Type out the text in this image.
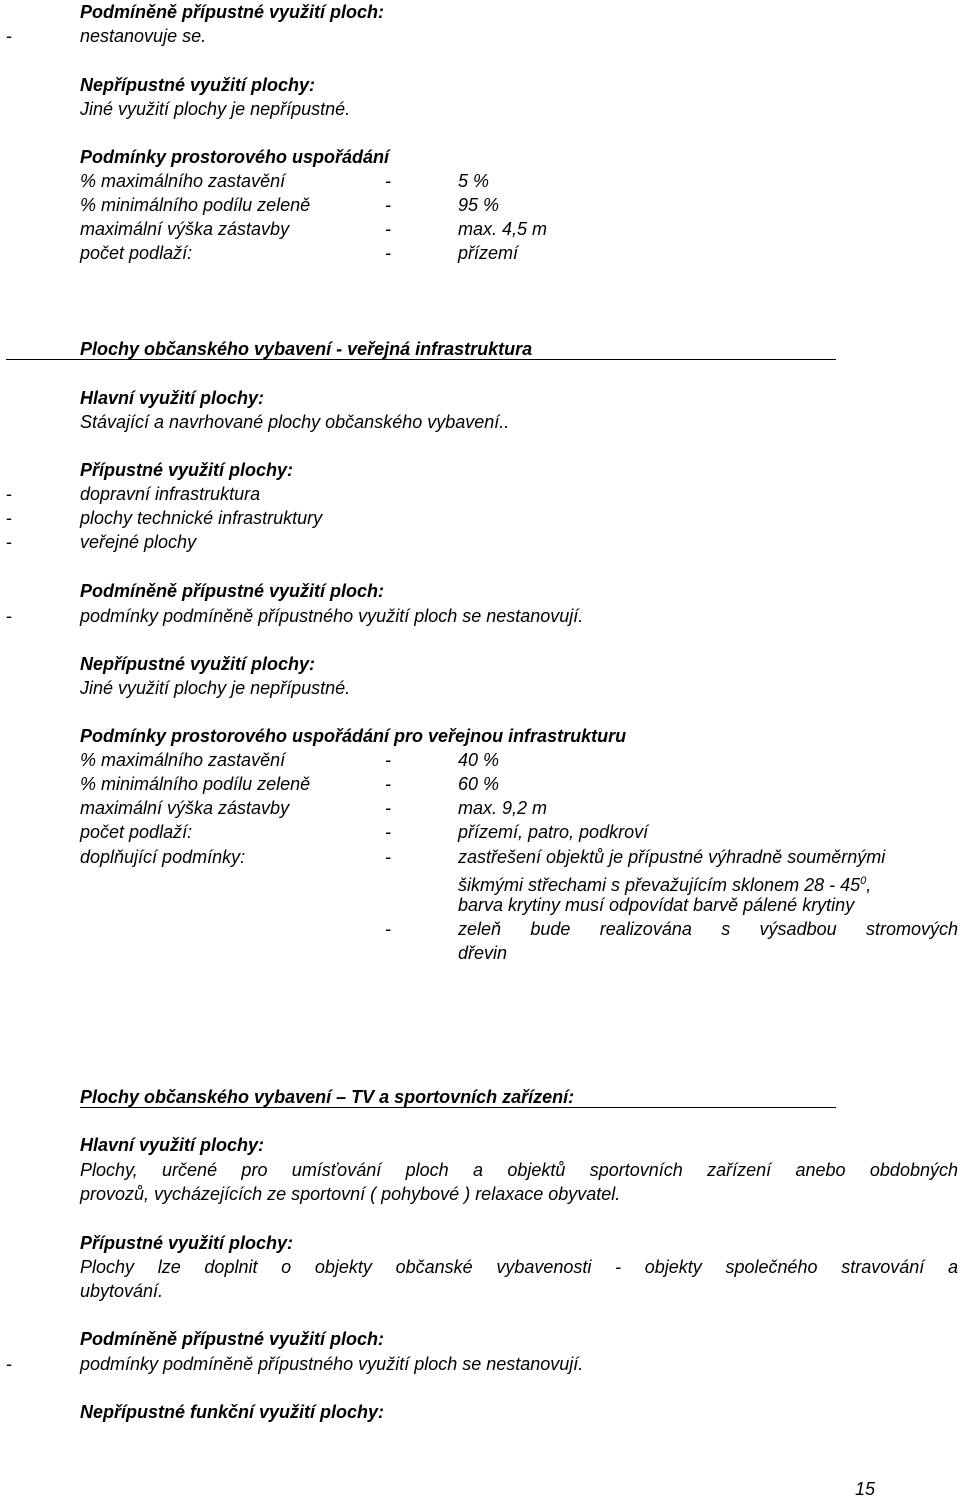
Podmíněně přípustné využití ploch:
-	nestanovuje se.
Nepřípustné využití plochy:
Jiné využití plochy je nepřípustné.
Podmínky prostorového uspořádání
% maximálního zastavění	-	5 %
% minimálního podílu zeleně	-	95 %
maximální výška zástavby	-	max. 4,5 m
počet podlaží:	-	přízemí
Plochy občanského vybavení - veřejná infrastruktura
Hlavní využití plochy:
Stávající a navrhované plochy občanského vybavení..
Přípustné využití plochy:
-	dopravní infrastruktura
-	plochy technické infrastruktury
-	veřejné plochy
Podmíněně přípustné využití ploch:
-	podmínky podmíněně přípustného využití ploch se nestanovují.
Nepřípustné využití plochy:
Jiné využití plochy je nepřípustné.
Podmínky prostorového uspořádání pro veřejnou infrastrukturu
% maximálního zastavění	-	40 %
% minimálního podílu zeleně	-	60 %
maximální výška zástavby	-	max. 9,2 m
počet podlaží:	-	přízemí, patro, podkroví
doplňující podmínky:	-	zastřešení objektů je přípustné výhradně souměrnými
šikmými střechami s převažujícím sklonem $28 - 45^0$,
barva krytiny musí odpovídat barvě pálené krytiny
-	zeleň bude realizována s výsadbou stromových
dřevin
Plochy občanského vybavení – TV a sportovních zařízení:
Hlavní využití plochy:
Plochy, určené pro umísťování ploch a objektů sportovních zařízení anebo obdobných
provozů, vycházejících ze sportovní ( pohybové ) relaxace obyvatel.
Přípustné využití plochy:
Plochy lze doplnit o objekty občanské vybavenosti - objekty společného stravování a
ubytování.
Podmíněně přípustné využití ploch:
-	podmínky podmíněně přípustného využití ploch se nestanovují.
Nepřípustné funkční využití plochy:
15
